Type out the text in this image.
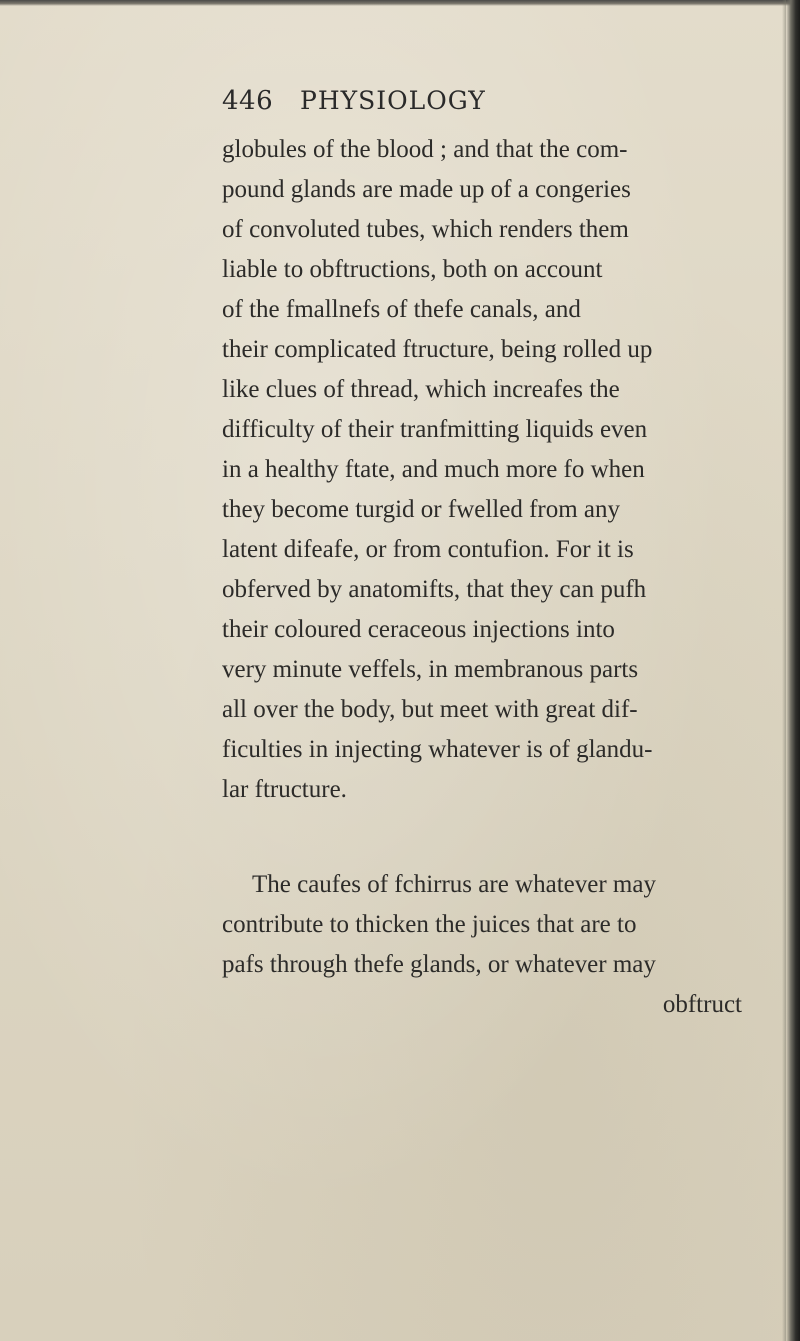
446 PHYSIOLOGY
globules of the blood ; and that the com-
pound glands are made up of a congeries
of convoluted tubes, which renders them
liable to obftructions, both on account
of the fmallnefs of thefe canals, and
their complicated ftructure, being rolled up
like clues of thread, which increafes the
difficulty of their tranfmitting liquids even
in a healthy ftate, and much more fo when
they become turgid or fwelled from any
latent difeafe, or from contufion. For it is
obferved by anatomifts, that they can pufh
their coloured ceraceous injections into
very minute veffels, in membranous parts
all over the body, but meet with great dif-
ficulties in injecting whatever is of glandu-
lar ftructure.
The caufes of fchirrus are whatever may
contribute to thicken the juices that are to
pafs through thefe glands, or whatever may
obftruct
